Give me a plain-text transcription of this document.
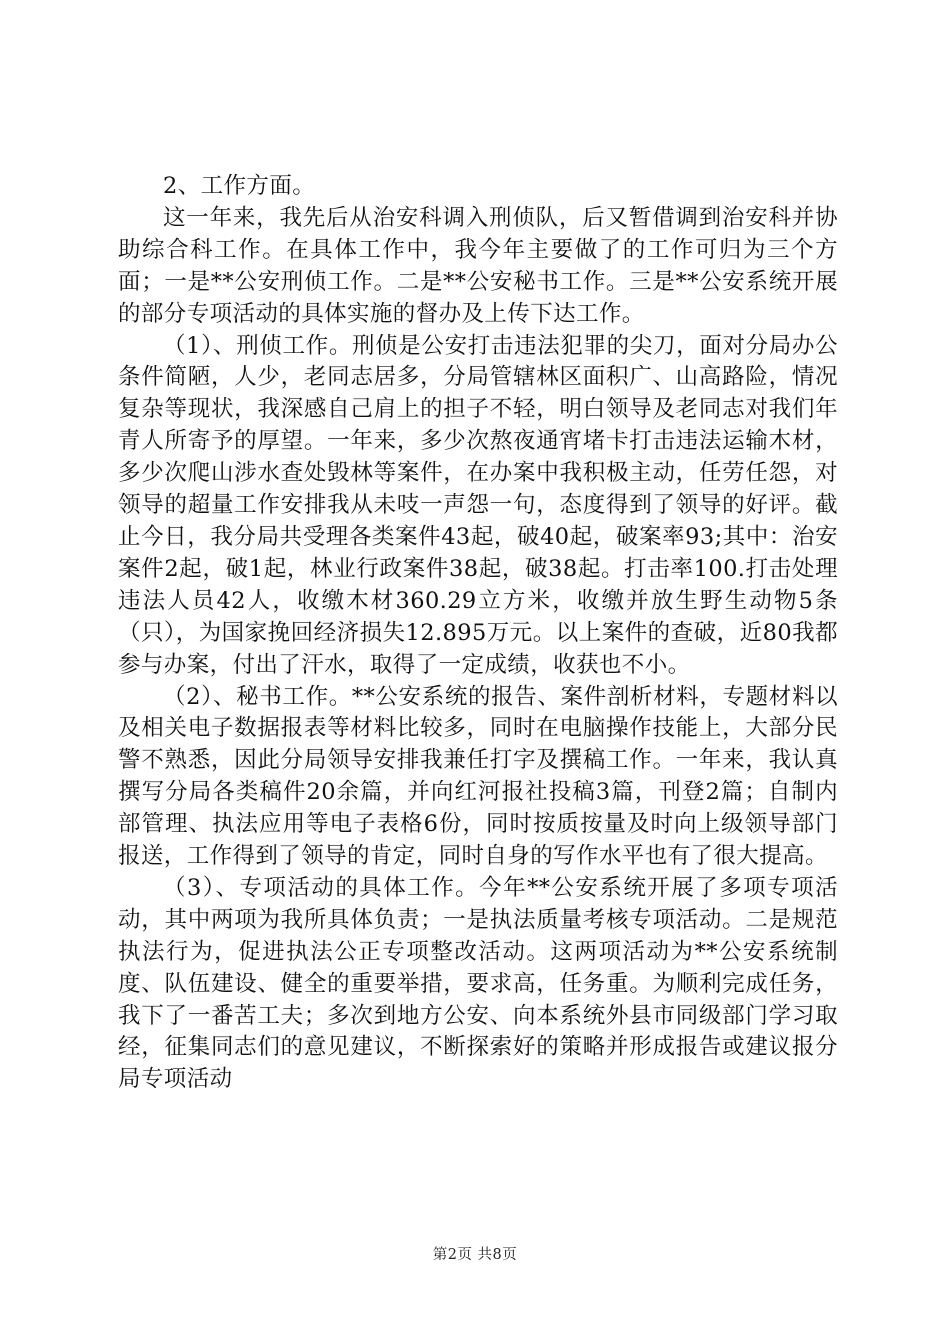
2、工作方面。

这一年来，我先后从治安科调入刑侦队，后又暂借调到治安科并协助综合科工作。在具体工作中，我今年主要做了的工作可归为三个方面；一是**公安刑侦工作。二是**公安秘书工作。三是**公安系统开展的部分专项活动的具体实施的督办及上传下达工作。

（1）、刑侦工作。刑侦是公安打击违法犯罪的尖刀，面对分局办公条件简陋，人少，老同志居多，分局管辖林区面积广、山高路险，情况复杂等现状，我深感自己肩上的担子不轻，明白领导及老同志对我们年青人所寄予的厚望。一年来，多少次熬夜通宵堵卡打击违法运输木材，多少次爬山涉水查处毁林等案件，在办案中我积极主动，任劳任怨，对领导的超量工作安排我从未吱一声怨一句，态度得到了领导的好评。截止今日，我分局共受理各类案件43起，破40起，破案率93;其中：治安案件2起，破1起，林业行政案件38起，破38起。打击率100.打击处理违法人员42人，收缴木材360.29立方米，收缴并放生野生动物5条（只），为国家挽回经济损失12.895万元。以上案件的查破，近80我都参与办案，付出了汗水，取得了一定成绩，收获也不小。

（2）、秘书工作。**公安系统的报告、案件剖析材料，专题材料以及相关电子数据报表等材料比较多，同时在电脑操作技能上，大部分民警不熟悉，因此分局领导安排我兼任打字及撰稿工作。一年来，我认真撰写分局各类稿件20余篇，并向红河报社投稿3篇，刊登2篇；自制内部管理、执法应用等电子表格6份，同时按质按量及时向上级领导部门报送，工作得到了领导的肯定，同时自身的写作水平也有了很大提高。

（3）、专项活动的具体工作。今年**公安系统开展了多项专项活动，其中两项为我所具体负责；一是执法质量考核专项活动。二是规范执法行为，促进执法公正专项整改活动。这两项活动为**公安系统制度、队伍建设、健全的重要举措，要求高，任务重。为顺利完成任务，我下了一番苦工夫；多次到地方公安、向本系统外县市同级部门学习取经，征集同志们的意见建议，不断探索好的策略并形成报告或建议报分局专项活动

第2页 共8页
